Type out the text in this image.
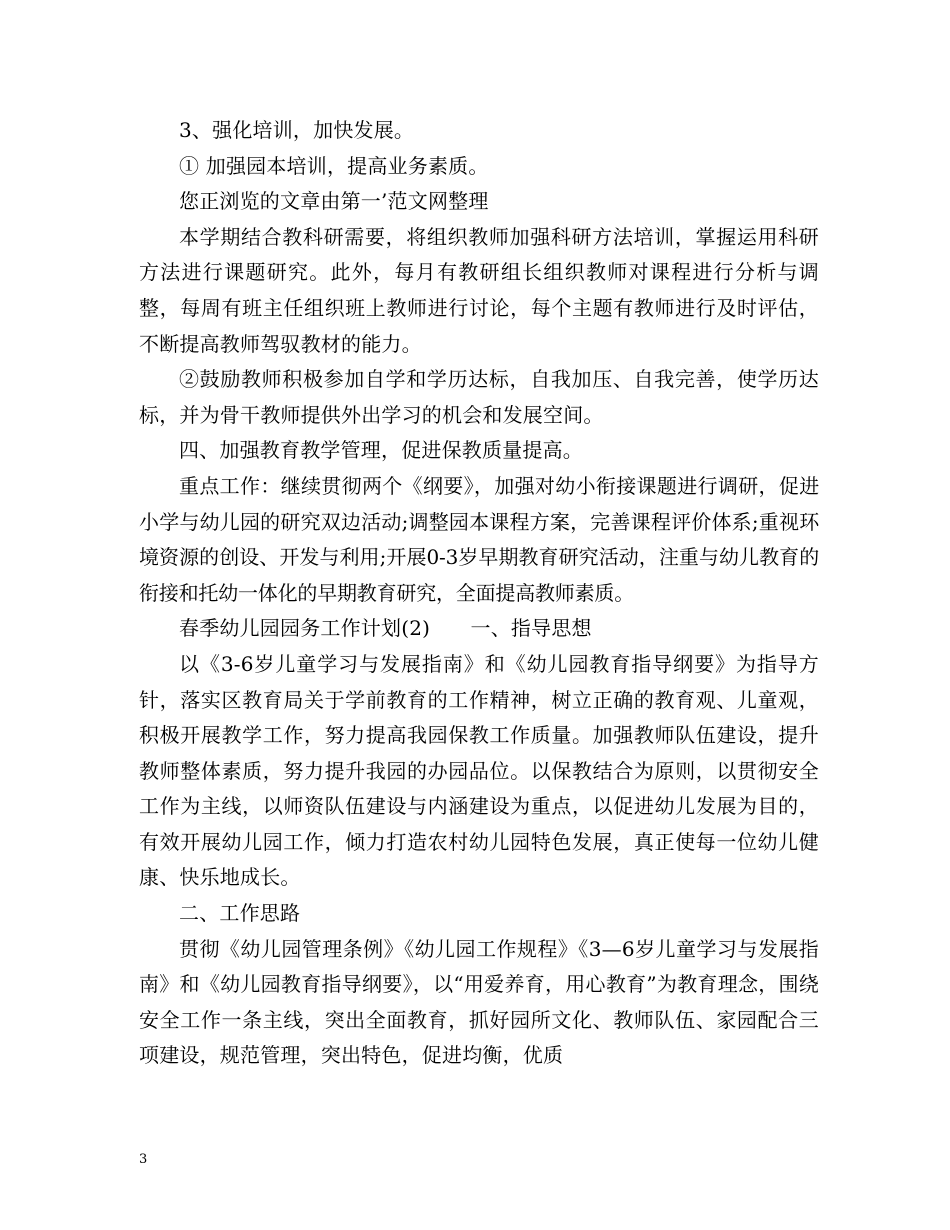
3、强化培训，加快发展。

① 加强园本培训，提高业务素质。

您正浏览的文章由第一’范文网整理

本学期结合教科研需要，将组织教师加强科研方法培训，掌握运用科研方法进行课题研究。此外，每月有教研组长组织教师对课程进行分析与调整，每周有班主任组织班上教师进行讨论，每个主题有教师进行及时评估，不断提高教师驾驭教材的能力。

②鼓励教师积极参加自学和学历达标，自我加压、自我完善，使学历达标，并为骨干教师提供外出学习的机会和发展空间。

四、加强教育教学管理，促进保教质量提高。

重点工作：继续贯彻两个《纲要》，加强对幼小衔接课题进行调研，促进小学与幼儿园的研究双边活动;调整园本课程方案，完善课程评价体系;重视环境资源的创设、开发与利用;开展0-3岁早期教育研究活动，注重与幼儿教育的衔接和托幼一体化的早期教育研究，全面提高教师素质。

春季幼儿园园务工作计划(2)　　一、指导思想

以《3-6岁儿童学习与发展指南》和《幼儿园教育指导纲要》为指导方针，落实区教育局关于学前教育的工作精神，树立正确的教育观、儿童观，积极开展教学工作，努力提高我园保教工作质量。加强教师队伍建设，提升教师整体素质，努力提升我园的办园品位。以保教结合为原则，以贯彻安全工作为主线，以师资队伍建设与内涵建设为重点，以促进幼儿发展为目的，有效开展幼儿园工作，倾力打造农村幼儿园特色发展，真正使每一位幼儿健康、快乐地成长。

二、工作思路

贯彻《幼儿园管理条例》《幼儿园工作规程》《3—6岁儿童学习与发展指南》和《幼儿园教育指导纲要》，以“用爱养育，用心教育”为教育理念，围绕安全工作一条主线，突出全面教育，抓好园所文化、教师队伍、家园配合三项建设，规范管理，突出特色，促进均衡，优质

3
